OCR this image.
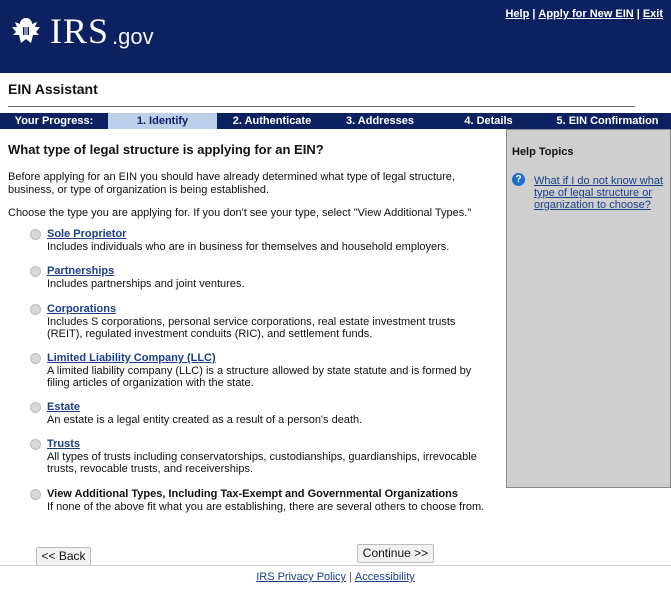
IRS .gov
Help | Apply for New EIN | Exit
EIN Assistant
Your Progress:	1. Identify	2. Authenticate	3. Addresses	4. Details	5. EIN Confirmation
What type of legal structure is applying for an EIN?
Before applying for an EIN you should have already determined what type of legal structure, business, or type of organization is being established.
Choose the type you are applying for. If you don't see your type, select "View Additional Types."
Sole Proprietor
Includes individuals who are in business for themselves and household employers.
Partnerships
Includes partnerships and joint ventures.
Corporations
Includes S corporations, personal service corporations, real estate investment trusts (REIT), regulated investment conduits (RIC), and settlement funds.
Limited Liability Company (LLC)
A limited liability company (LLC) is a structure allowed by state statute and is formed by filing articles of organization with the state.
Estate
An estate is a legal entity created as a result of a person's death.
Trusts
All types of trusts including conservatorships, custodianships, guardianships, irrevocable trusts, revocable trusts, and receiverships.
View Additional Types, Including Tax-Exempt and Governmental Organizations
If none of the above fit what you are establishing, there are several others to choose from.
Help Topics
?	What if I do not know what type of legal structure or organization to choose?
<< Back	Continue >>
IRS Privacy Policy | Accessibility
